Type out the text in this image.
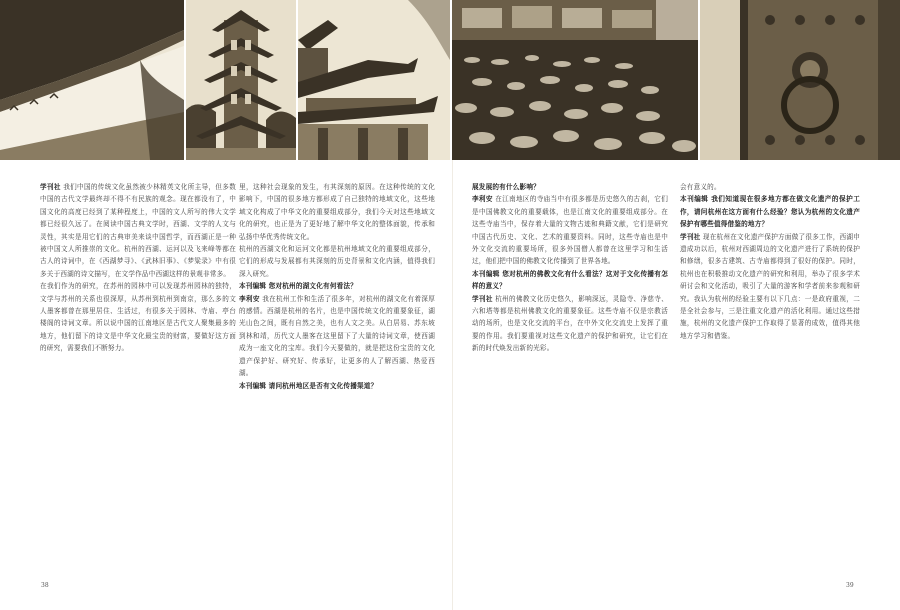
学刊社 我们中国的传统文化虽然被少林精英文化所主导，但多数中国的古代文学最终却不得不有民族的观念。现在都没有了，中国文化的高度已经到了某种程度上，中国的文人所写的伟大文学都已经很久远了。在阅读中国古典文学时，西湖、文学的人文与灵性，其实是用它们的古典审美来谈中国哲学，而西湖正是一种被中国文人所推崇的文化。杭州的西湖、运河以及飞来峰等都在古人的诗词中，在《西湖梦寻》、《武林旧事》、《梦粱录》中有很多关于西湖的诗文描写，在文学作品中西湖这样的景观非常多。

在我们作为的研究，在苏州的园林中可以发现苏州园林的独特，文学与苏州的关系也很深厚，从苏州到杭州到南京，那么多的文人墨客都曾在那里居住、生活过，有很多关于园林、寺庙、亭台楼阁的诗词文章。所以说中国的江南地区是古代文人聚集最多的地方，他们留下的诗文是中华文化最宝贵的财富，要做好这方面的研究，需要我们不断努力。

里，这种社会现象的发生，有其深刻的原因。在这种传统的文化影响下，中国的很多地方都形成了自己独特的地域文化，这些地域文化构成了中华文化的重要组成部分，我们今天对这些地域文化的研究，也正是为了更好地了解中华文化的整体面貌，传承和弘扬中华优秀传统文化。

杭州的西湖文化和运河文化都是杭州地域文化的重要组成部分，它们的形成与发展都有其深刻的历史背景和文化内涵，值得我们深入研究。

本刊编辑 您对杭州的湖文化有何看法？

李利安 我在杭州工作和生活了很多年，对杭州的湖文化有着深厚的感情。西湖是杭州的名片，也是中国传统文化的重要象征，湖光山色之间，既有自然之美，也有人文之美。从白居易、苏东坡到林和靖，历代文人墨客在这里留下了大量的诗词文章，使西湖成为一座文化的宝库。我们今天要做的，就是把这份宝贵的文化遗产保护好、研究好、传承好，让更多的人了解西湖、热爱西湖。

本刊编辑 请问杭州地区是否有文化传播渠道？

展发展的有什么影响？

李利安 在江南地区的寺庙当中有很多都是历史悠久的古刹，它们是中国佛教文化的重要载体，也是江南文化的重要组成部分。在这些寺庙当中，保存着大量的文物古迹和典籍文献，它们是研究中国古代历史、文化、艺术的重要资料。同时，这些寺庙也是中外文化交流的重要场所，很多外国僧人都曾在这里学习和生活过，他们把中国的佛教文化传播到了世界各地。

本刊编辑 您对杭州的佛教文化有什么看法？这对于文化传播有怎样的意义？

学刊社 杭州的佛教文化历史悠久，影响深远，灵隐寺、净慈寺、六和塔等都是杭州佛教文化的重要象征。这些寺庙不仅是宗教活动的场所，也是文化交流的平台，在中外文化交流史上发挥了重要的作用。我们要重视对这些文化遗产的保护和研究，让它们在新的时代焕发出新的光彩。

会有意义的。

本刊编辑 我们知道现在很多地方都在做文化遗产的保护工作，请问杭州在这方面有什么经验？您认为杭州的文化遗产保护有哪些值得借鉴的地方？

学刊社 现在杭州在文化遗产保护方面做了很多工作，西湖申遗成功以后，杭州对西湖周边的文化遗产进行了系统的保护和修缮，很多古建筑、古寺庙都得到了很好的保护。同时，杭州也在积极推动文化遗产的研究和利用，举办了很多学术研讨会和文化活动，吸引了大量的游客和学者前来参观和研究。我认为杭州的经验主要有以下几点：一是政府重视，二是全社会参与，三是注重文化遗产的活化利用。通过这些措施，杭州的文化遗产保护工作取得了显著的成效，值得其他地方学习和借鉴。

38	39
